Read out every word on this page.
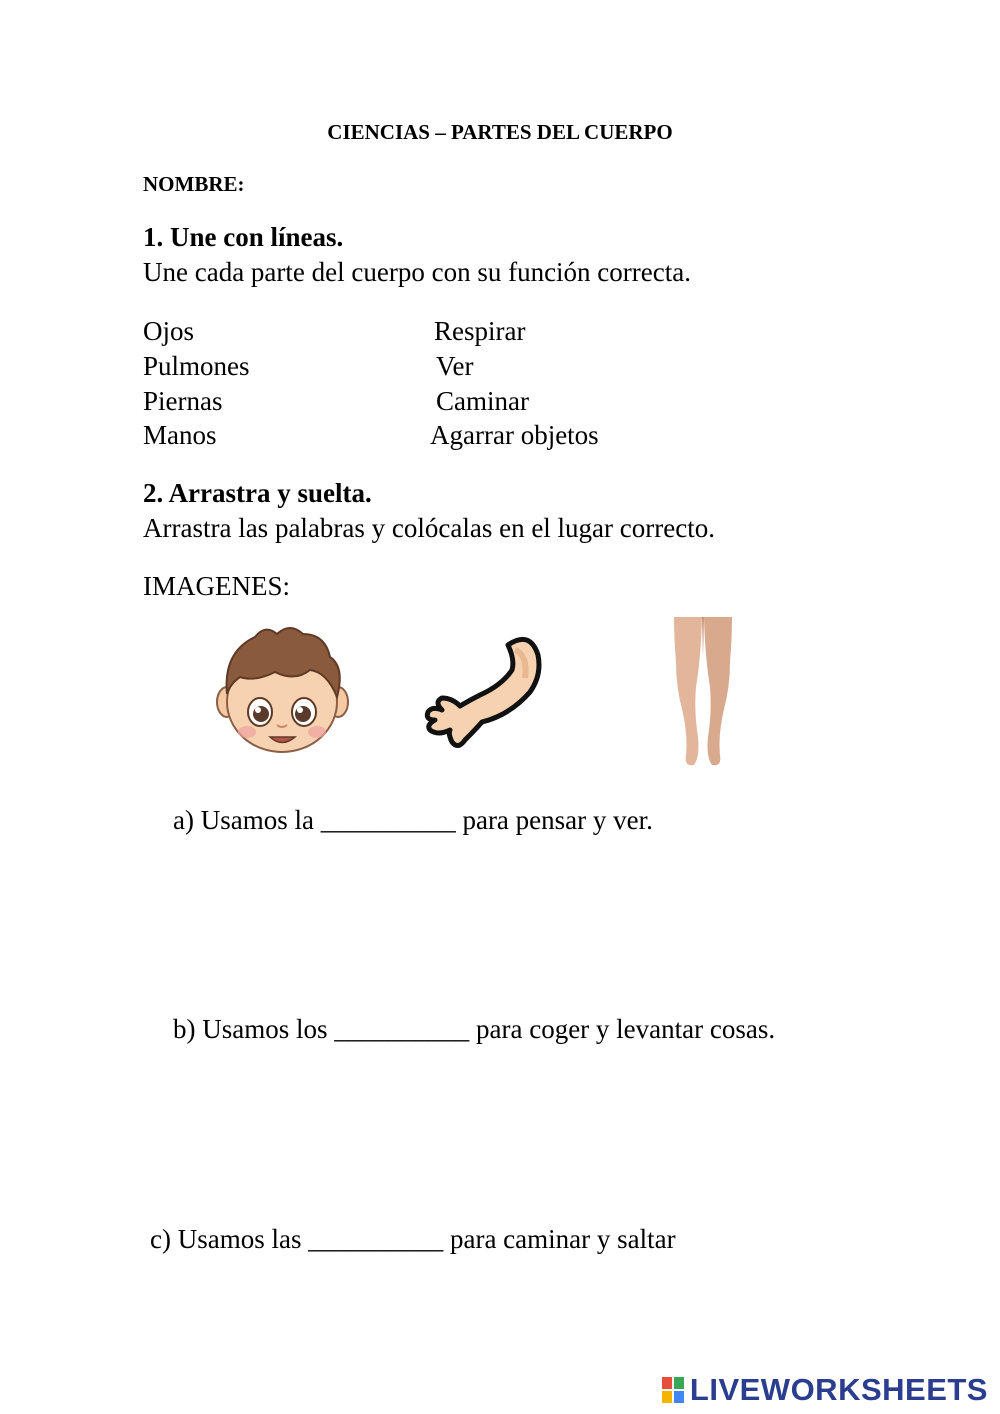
CIENCIAS – PARTES DEL CUERPO
NOMBRE:
1. Une con líneas.
Une cada parte del cuerpo con su función correcta.
Ojos
Pulmones
Piernas
Manos
Respirar
Ver
Caminar
Agarrar objetos
2. Arrastra y suelta.
Arrastra las palabras y colócalas en el lugar correcto.
IMAGENES:
a) Usamos la __________ para pensar y ver.
b) Usamos los __________ para coger y levantar cosas.
c) Usamos las __________ para caminar y saltar
LIVEWORKSHEETS
